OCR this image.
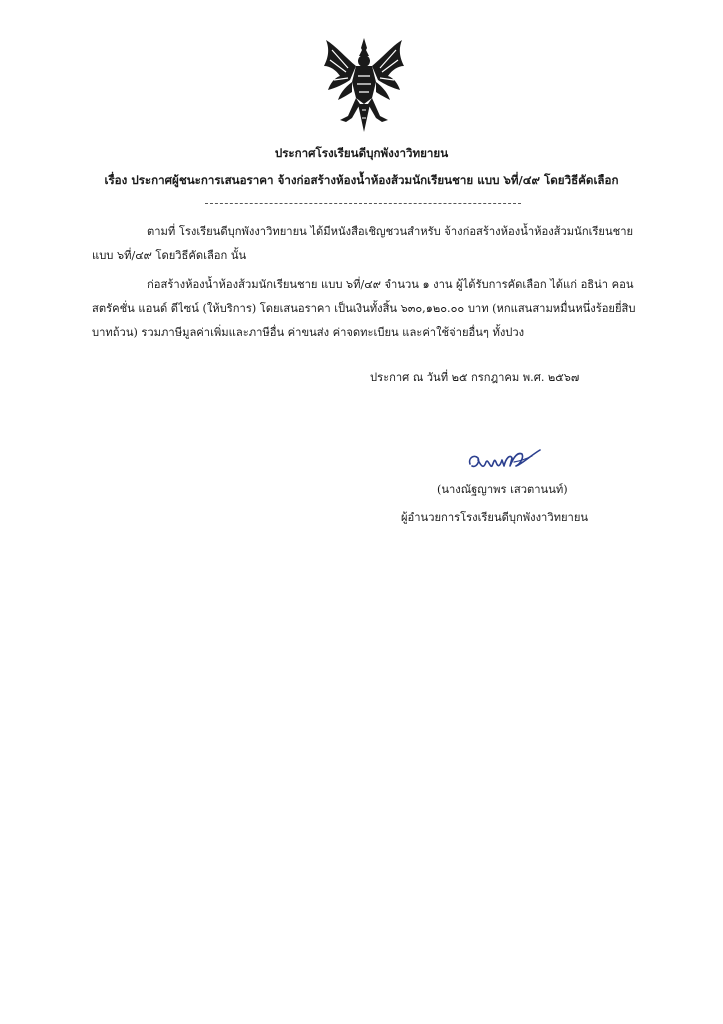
ประกาศโรงเรียนดีบุกพังงาวิทยายน

เรื่อง ประกาศผู้ชนะการเสนอราคา จ้างก่อสร้างห้องน้ำห้องส้วมนักเรียนชาย แบบ ๖ที่/๔๙ โดยวิธีคัดเลือก

ตามที่ โรงเรียนดีบุกพังงาวิทยายน ได้มีหนังสือเชิญชวนสำหรับ จ้างก่อสร้างห้องน้ำห้องส้วมนักเรียนชาย

แบบ ๖ที่/๔๙ โดยวิธีคัดเลือก นั้น

ก่อสร้างห้องน้ำห้องส้วมนักเรียนชาย แบบ ๖ที่/๔๙ จำนวน ๑ งาน ผู้ได้รับการคัดเลือก ได้แก่ อธิน่า คอน

สตรัคชั่น แอนด์ ดีไซน์ (ให้บริการ) โดยเสนอราคา เป็นเงินทั้งสิ้น ๖๓๐,๑๒๐.๐๐ บาท (หกแสนสามหมื่นหนึ่งร้อยยี่สิบ

บาทถ้วน) รวมภาษีมูลค่าเพิ่มและภาษีอื่น ค่าขนส่ง ค่าจดทะเบียน และค่าใช้จ่ายอื่นๆ ทั้งปวง

ประกาศ ณ วันที่ ๒๕ กรกฎาคม พ.ศ. ๒๕๖๗
(นางณัฐญาพร เสวตานนท์)
ผู้อำนวยการโรงเรียนดีบุกพังงาวิทยายน
